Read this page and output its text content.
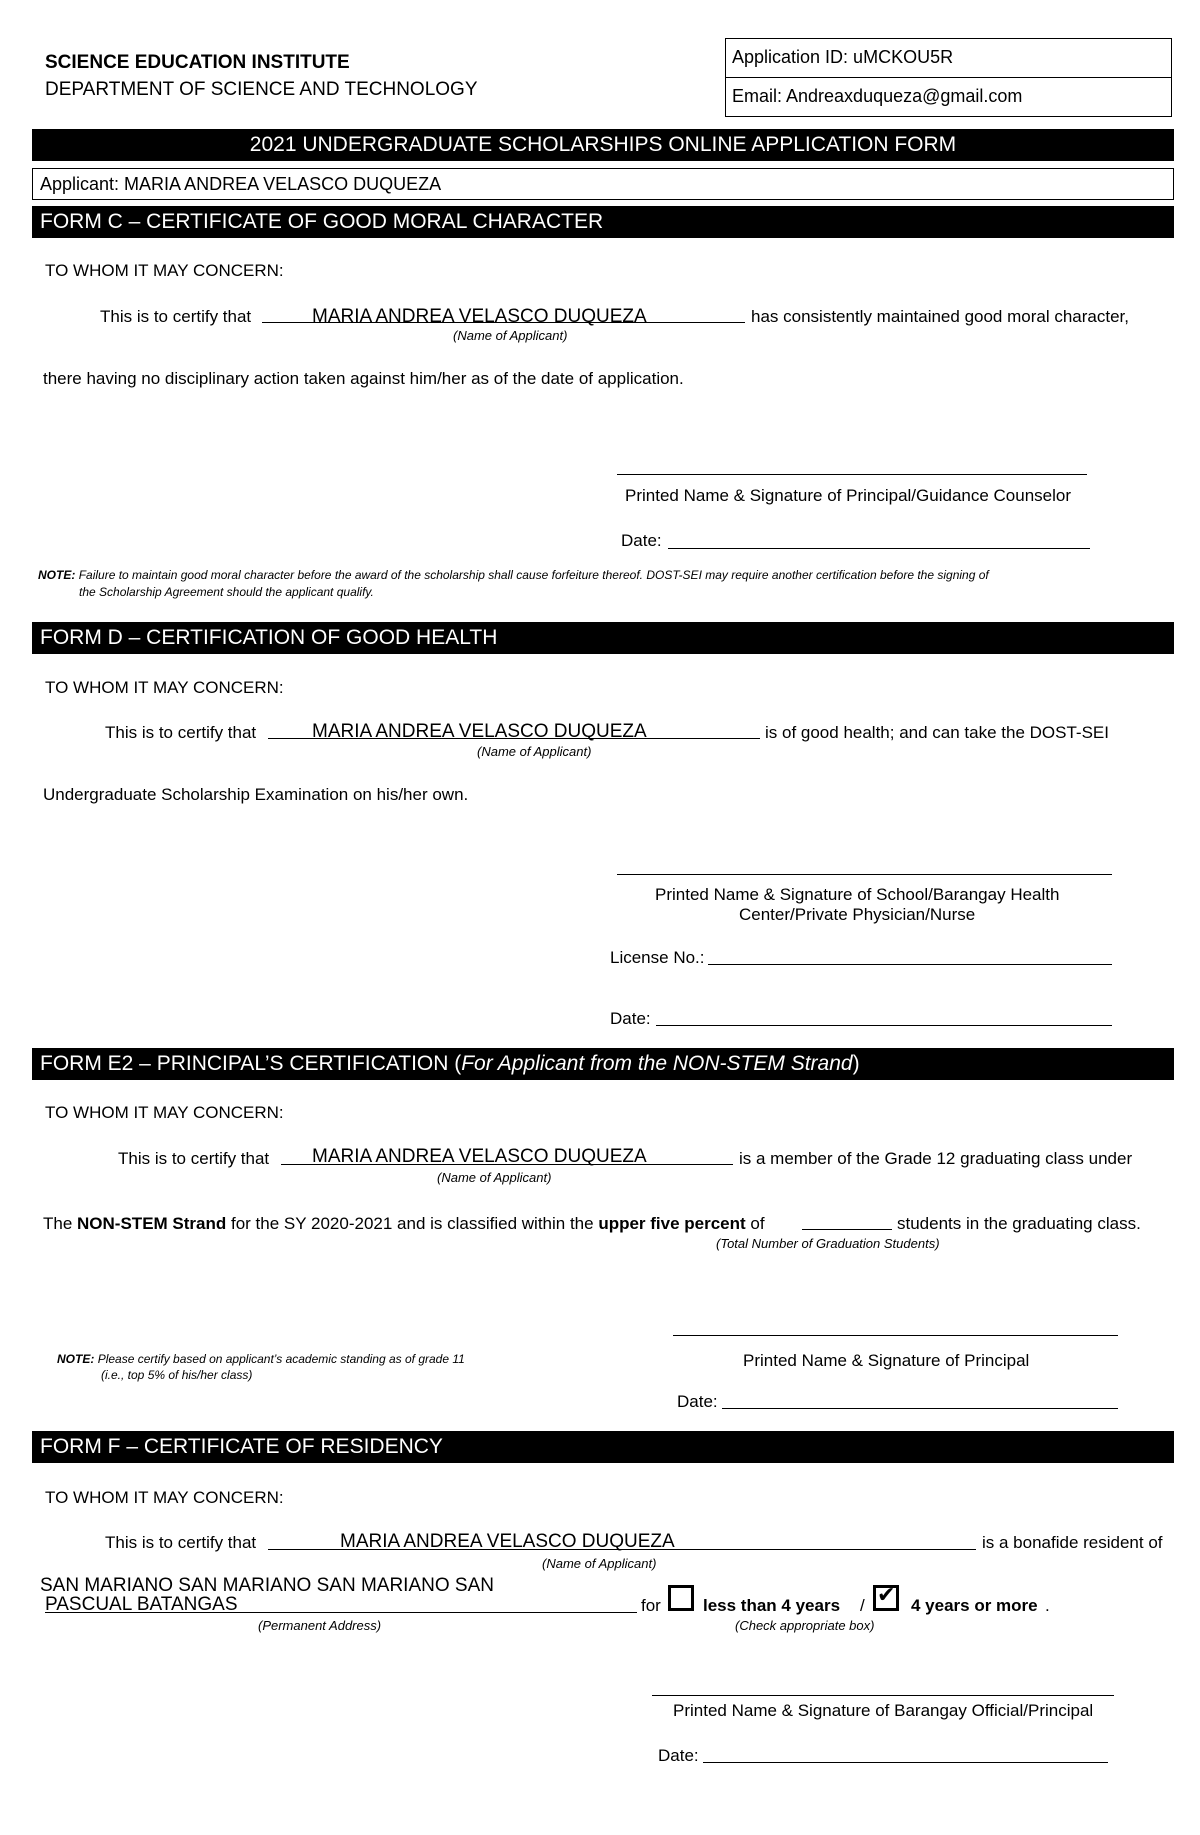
SCIENCE EDUCATION INSTITUTE
DEPARTMENT OF SCIENCE AND TECHNOLOGY
Application ID: uMCKOU5R
Email: Andreaxduqueza@gmail.com
2021 UNDERGRADUATE SCHOLARSHIPS ONLINE APPLICATION FORM
Applicant: MARIA ANDREA VELASCO DUQUEZA
FORM C – CERTIFICATE OF GOOD MORAL CHARACTER
TO WHOM IT MAY CONCERN:
This is to certify that	MARIA ANDREA VELASCO DUQUEZA	has consistently maintained good moral character,
(Name of Applicant)
there having no disciplinary action taken against him/her as of the date of application.
Printed Name & Signature of Principal/Guidance Counselor
Date:
NOTE: Failure to maintain good moral character before the award of the scholarship shall cause forfeiture thereof. DOST-SEI may require another certification before the signing of
the Scholarship Agreement should the applicant qualify.
FORM D – CERTIFICATION OF GOOD HEALTH
TO WHOM IT MAY CONCERN:
This is to certify that	MARIA ANDREA VELASCO DUQUEZA	is of good health; and can take the DOST-SEI
(Name of Applicant)
Undergraduate Scholarship Examination on his/her own.
Printed Name & Signature of School/Barangay Health
Center/Private Physician/Nurse
License No.:
Date:
FORM E2 – PRINCIPAL’S CERTIFICATION (For Applicant from the NON-STEM Strand)
TO WHOM IT MAY CONCERN:
This is to certify that MARIA ANDREA VELASCO DUQUEZA	is a member of the Grade 12 graduating class under
(Name of Applicant)
The NON-STEM Strand for the SY 2020-2021 and is classified within the upper five percent of	students in the graduating class.
(Total Number of Graduation Students)
NOTE: Please certify based on applicant’s academic standing as of grade 11
(i.e., top 5% of his/her class)
Printed Name & Signature of Principal
Date:
FORM F – CERTIFICATE OF RESIDENCY
TO WHOM IT MAY CONCERN:
This is to certify that	MARIA ANDREA VELASCO DUQUEZA	is a bonafide resident of
(Name of Applicant)
SAN MARIANO SAN MARIANO SAN MARIANO SAN
PASCUAL BATANGAS	for less than 4 years / ✔ 4 years or more .
(Permanent Address)	(Check appropriate box)
Printed Name & Signature of Barangay Official/Principal
Date:
